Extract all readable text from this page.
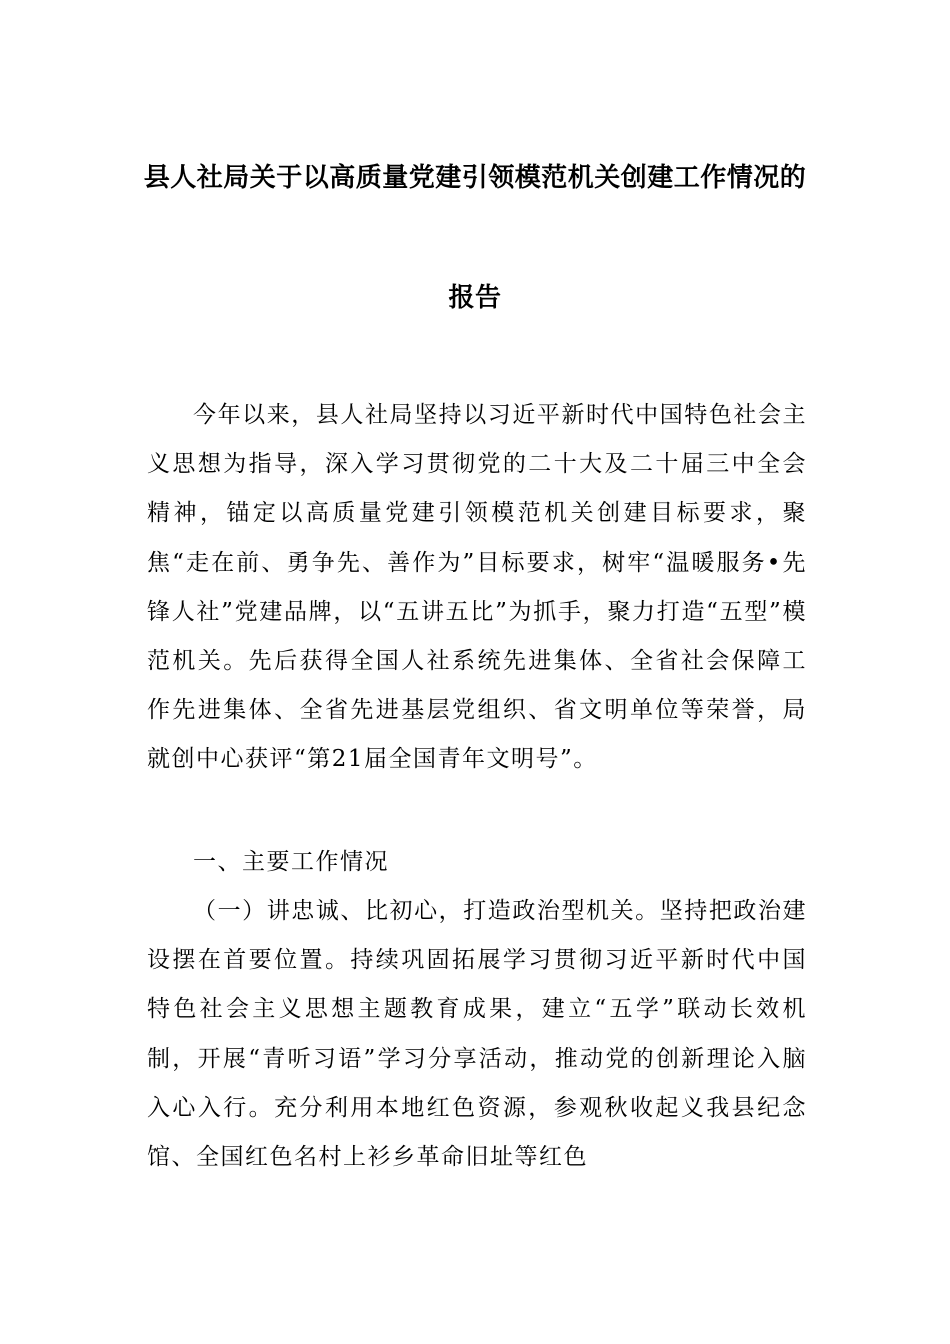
县人社局关于以高质量党建引领模范机关创建工作情况的
报告

今年以来，县人社局坚持以习近平新时代中国特色社会主义思想为指导，深入学习贯彻党的二十大及二十届三中全会精神，锚定以高质量党建引领模范机关创建目标要求，聚焦“走在前、勇争先、善作为”目标要求，树牢“温暖服务•先锋人社”党建品牌，以“五讲五比”为抓手，聚力打造“五型”模范机关。先后获得全国人社系统先进集体、全省社会保障工作先进集体、全省先进基层党组织、省文明单位等荣誉，局就创中心获评“第21届全国青年文明号”。

一、主要工作情况

（一）讲忠诚、比初心，打造政治型机关。坚持把政治建设摆在首要位置。持续巩固拓展学习贯彻习近平新时代中国特色社会主义思想主题教育成果，建立“五学”联动长效机制，开展“青听习语”学习分享活动，推动党的创新理论入脑入心入行。充分利用本地红色资源，参观秋收起义我县纪念馆、全国红色名村上衫乡革命旧址等红色
